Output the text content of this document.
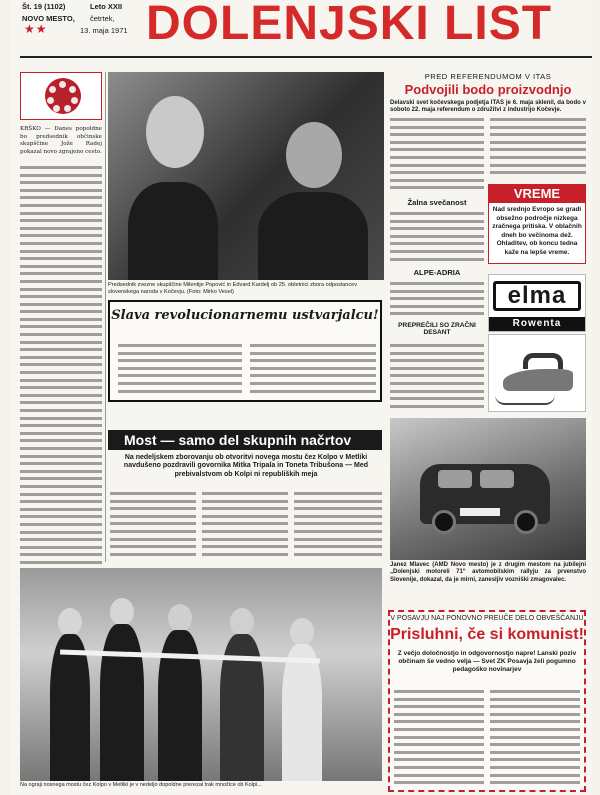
Št. 19 (1102)	Leto XXII
NOVO MESTO, četrtek,
13. maja 1971
★★ DOLENJSKI LIST
KRŠKO — Danes popoldne bo predsednik občinske skupščine Jože Radej pokazal novo zgrajeno cesto.
Predsednik zvezne skupščine Milentije Popović in Edvard Kardelj ob 25. obletnici zbora odposlancev slovenskega naroda v Kočevju. (Foto: Mirko Vesel)
PRED REFERENDUMOM V ITAS
Podvojili bodo proizvodnjo
Delavski svet kočevskega podjetja ITAS je 6. maja sklenil, da bodo v soboto 22. maja referendum o združitvi z industrijo Kočevje.
Žalna svečanost
ALPE-ADRIA
PREPREČILI SO ZRAČNI DESANT
VREME
Nad srednjo Evropo se gradi obsežno področje nizkega zračnega pritiska. V oblačnih dneh bo večinoma dež. Ohladitev, ob koncu tedna kaže na lepše vreme.
elma
Rowenta
Slava revolucionarnemu ustvarjalcu!
Most — samo del skupnih načrtov
Na nedeljskem zborovanju ob otvoritvi novega mostu čez Kolpo v Metliki navdušeno pozdravili govornika Mitka Tripala in Toneta Tribušona — Med prebivalstvom ob Kolpi ni republiških meja
Janez Mlavec (AMD Novo mesto) je z drugim mestom na jubilejni „Dolenjski motoreli 71“ avtomobilskim rallyju za prvenstvo Slovenije, dokazal, da je mirni, zanesljiv vozniški zmagovalec.
Na ograji nosnega mostu čez Kolpo v Metliki je v nedeljo dopoldne prerezal trak množice ob Kolpi...
V POSAVJU NAJ PONOVNO PREUČE DELO OBVEŠČANJU
Prisluhni, če si komunist!
Z večjo določnostjo in odgovornostjo napre! Lanski poziv občinam še vedno velja — Svet ZK Posavja želi pogumno pedagoško novinarjev
